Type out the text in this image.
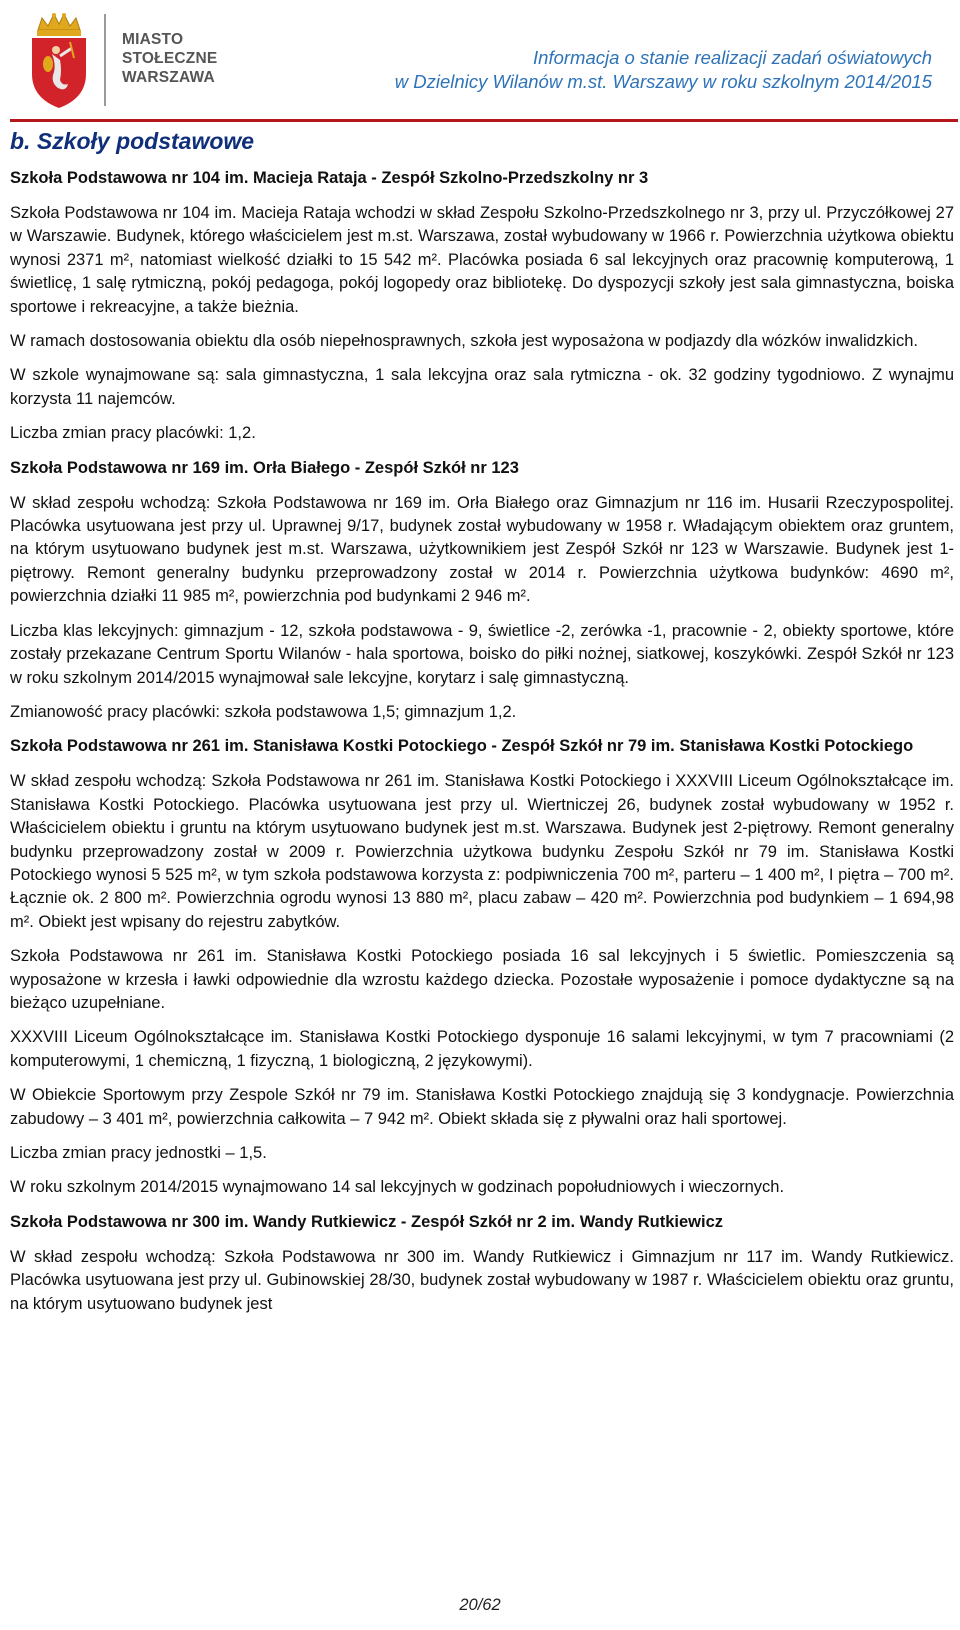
MIASTO
STOŁECZNE
WARSZAWA
Informacja o stanie realizacji zadań oświatowych
w Dzielnicy Wilanów m.st. Warszawy w roku szkolnym 2014/2015
b. Szkoły podstawowe
Szkoła Podstawowa nr 104 im. Macieja Rataja - Zespół Szkolno-Przedszkolny nr 3

Szkoła Podstawowa nr 104 im. Macieja Rataja wchodzi w skład Zespołu Szkolno-Przedszkolnego nr 3, przy ul. Przyczółkowej 27 w Warszawie. Budynek, którego właścicielem jest m.st. Warszawa, został wybudowany w 1966 r. Powierzchnia użytkowa obiektu wynosi 2371 m², natomiast wielkość działki to 15 542 m². Placówka posiada 6 sal lekcyjnych oraz pracownię komputerową, 1 świetlicę, 1 salę rytmiczną, pokój pedagoga, pokój logopedy oraz bibliotekę. Do dyspozycji szkoły jest sala gimnastyczna, boiska sportowe i rekreacyjne, a także bieżnia.

W ramach dostosowania obiektu dla osób niepełnosprawnych, szkoła jest wyposażona w podjazdy dla wózków inwalidzkich.

W szkole wynajmowane są: sala gimnastyczna, 1 sala lekcyjna oraz sala rytmiczna - ok. 32 godziny tygodniowo. Z wynajmu korzysta 11 najemców.

Liczba zmian pracy placówki: 1,2.

Szkoła Podstawowa nr 169 im. Orła Białego - Zespół Szkół nr 123

W skład zespołu wchodzą: Szkoła Podstawowa nr 169 im. Orła Białego oraz Gimnazjum nr 116 im. Husarii Rzeczypospolitej. Placówka usytuowana jest przy ul. Uprawnej 9/17, budynek został wybudowany w 1958 r. Władającym obiektem oraz gruntem, na którym usytuowano budynek jest m.st. Warszawa, użytkownikiem jest Zespół Szkół nr 123 w Warszawie. Budynek jest 1-piętrowy. Remont generalny budynku przeprowadzony został w 2014 r. Powierzchnia użytkowa budynków: 4690 m², powierzchnia działki 11 985 m², powierzchnia pod budynkami 2 946 m².

Liczba klas lekcyjnych: gimnazjum - 12, szkoła podstawowa - 9, świetlice -2, zerówka -1, pracownie - 2, obiekty sportowe, które zostały przekazane Centrum Sportu Wilanów - hala sportowa, boisko do piłki nożnej, siatkowej, koszykówki. Zespół Szkół nr 123 w roku szkolnym 2014/2015 wynajmował sale lekcyjne, korytarz i salę gimnastyczną.

Zmianowość pracy placówki: szkoła podstawowa 1,5; gimnazjum 1,2.

Szkoła Podstawowa nr 261 im. Stanisława Kostki Potockiego - Zespół Szkół nr 79 im. Stanisława Kostki Potockiego

W skład zespołu wchodzą: Szkoła Podstawowa nr 261 im. Stanisława Kostki Potockiego i XXXVIII Liceum Ogólnokształcące im. Stanisława Kostki Potockiego. Placówka usytuowana jest przy ul. Wiertniczej 26, budynek został wybudowany w 1952 r. Właścicielem obiektu i gruntu na którym usytuowano budynek jest m.st. Warszawa. Budynek jest 2-piętrowy. Remont generalny budynku przeprowadzony został w 2009 r. Powierzchnia użytkowa budynku Zespołu Szkół nr 79 im. Stanisława Kostki Potockiego wynosi 5 525 m², w tym szkoła podstawowa korzysta z: podpiwniczenia 700 m², parteru – 1 400 m², I piętra – 700 m². Łącznie ok. 2 800 m². Powierzchnia ogrodu wynosi 13 880 m², placu zabaw – 420 m². Powierzchnia pod budynkiem – 1 694,98 m². Obiekt jest wpisany do rejestru zabytków.

Szkoła Podstawowa nr 261 im. Stanisława Kostki Potockiego posiada 16 sal lekcyjnych i 5 świetlic. Pomieszczenia są wyposażone w krzesła i ławki odpowiednie dla wzrostu każdego dziecka. Pozostałe wyposażenie i pomoce dydaktyczne są na bieżąco uzupełniane.

XXXVIII Liceum Ogólnokształcące im. Stanisława Kostki Potockiego dysponuje 16 salami lekcyjnymi, w tym 7 pracowniami (2 komputerowymi, 1 chemiczną, 1 fizyczną, 1 biologiczną, 2 językowymi).

W Obiekcie Sportowym przy Zespole Szkół nr 79 im. Stanisława Kostki Potockiego znajdują się 3 kondygnacje. Powierzchnia zabudowy – 3 401 m², powierzchnia całkowita – 7 942 m². Obiekt składa się z pływalni oraz hali sportowej.

Liczba zmian pracy jednostki – 1,5.

W roku szkolnym 2014/2015 wynajmowano 14 sal lekcyjnych w godzinach popołudniowych i wieczornych.

Szkoła Podstawowa nr 300 im. Wandy Rutkiewicz - Zespół Szkół nr 2 im. Wandy Rutkiewicz

W skład zespołu wchodzą: Szkoła Podstawowa nr 300 im. Wandy Rutkiewicz i Gimnazjum nr 117 im. Wandy Rutkiewicz. Placówka usytuowana jest przy ul. Gubinowskiej 28/30, budynek został wybudowany w 1987 r. Właścicielem obiektu oraz gruntu, na którym usytuowano budynek jest

20/62
